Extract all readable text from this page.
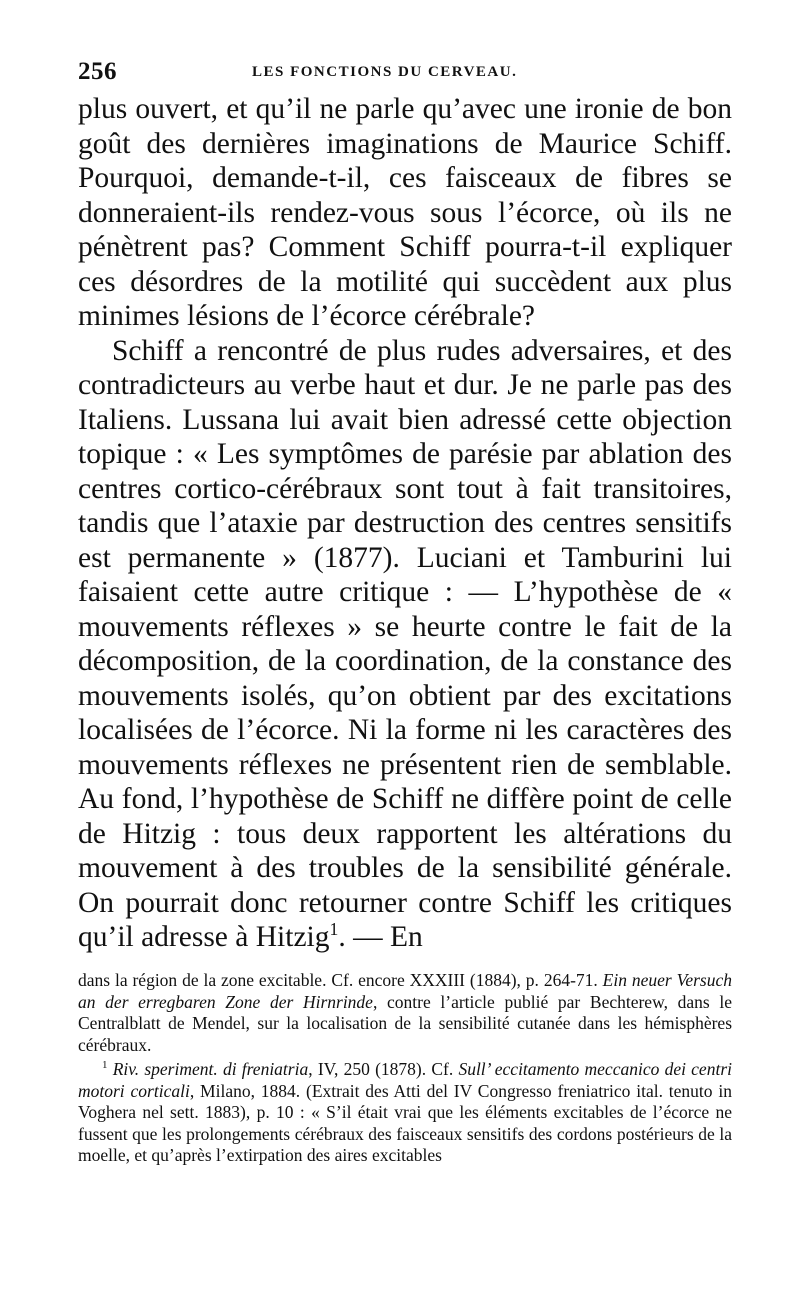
256	LES FONCTIONS DU CERVEAU.

plus ouvert, et qu’il ne parle qu’avec une ironie de bon goût des dernières imaginations de Maurice Schiff. Pourquoi, demande-t-il, ces faisceaux de fibres se donneraient-ils rendez-vous sous l’écorce, où ils ne pénètrent pas? Comment Schiff pourra-t-il expliquer ces désordres de la motilité qui succèdent aux plus minimes lésions de l’écorce cérébrale?

Schiff a rencontré de plus rudes adversaires, et des contradicteurs au verbe haut et dur. Je ne parle pas des Italiens. Lussana lui avait bien adressé cette objection topique : « Les symptômes de parésie par ablation des centres cortico-cérébraux sont tout à fait transitoires, tandis que l’ataxie par destruction des centres sensitifs est permanente » (1877). Luciani et Tamburini lui faisaient cette autre critique : — L’hypothèse de « mouvements réflexes » se heurte contre le fait de la décomposition, de la coordination, de la constance des mouvements isolés, qu’on obtient par des excitations localisées de l’écorce. Ni la forme ni les caractères des mouvements réflexes ne présentent rien de semblable. Au fond, l’hypothèse de Schiff ne diffère point de celle de Hitzig : tous deux rapportent les altérations du mouvement à des troubles de la sensibilité générale. On pourrait donc retourner contre Schiff les critiques qu’il adresse à Hitzig$^1$. — En

dans la région de la zone excitable. Cf. encore XXXIII (1884), p. 264-71. Ein neuer Versuch an der erregbaren Zone der Hirnrinde, contre l’article publié par Bechterew, dans le Centralblatt de Mendel, sur la localisation de la sensibilité cutanée dans les hémisphères cérébraux.

$^1$ Riv. speriment. di freniatria, IV, 250 (1878). Cf. Sull’ eccitamento meccanico dei centri motori corticali, Milano, 1884. (Extrait des Atti del IV Congresso freniatrico ital. tenuto in Voghera nel sett. 1883), p. 10 : « S’il était vrai que les éléments excitables de l’écorce ne fussent que les prolongements cérébraux des faisceaux sensitifs des cordons postérieurs de la moelle, et qu’après l’extirpation des aires excitables
